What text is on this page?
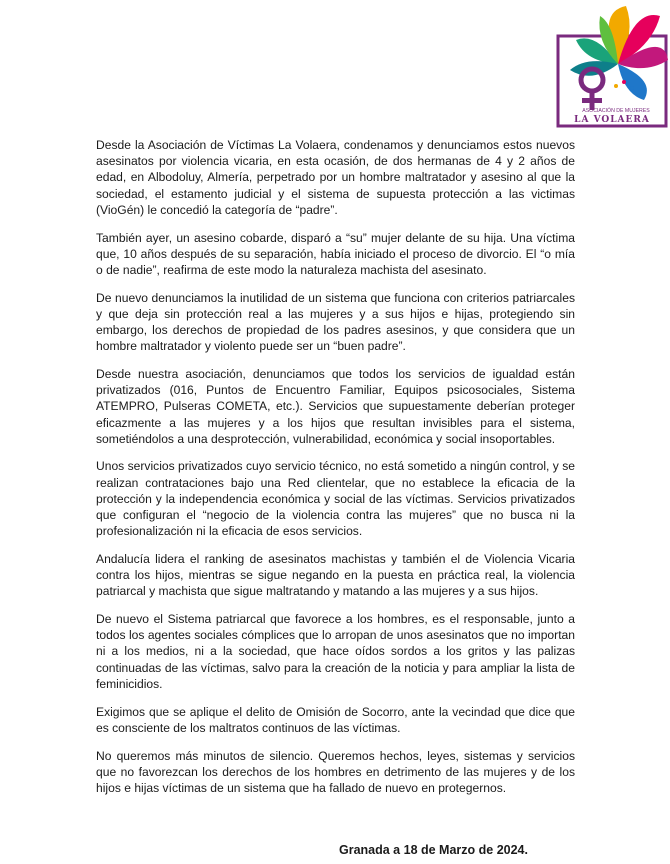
ASOCIACIÓN DE MUJERES
LA VOLAERA

Desde la Asociación de Víctimas La Volaera, condenamos y denunciamos estos nuevos asesinatos por violencia vicaria, en esta ocasión, de dos hermanas de 4 y 2 años de edad, en Albodoluy, Almería, perpetrado por un hombre maltratador y asesino al que la sociedad, el estamento judicial y el sistema de supuesta protección a las victimas (VioGén) le concedió la categoría de “padre”.

También ayer, un asesino cobarde, disparó a “su” mujer delante de su hija. Una víctima que, 10 años después de su separación, había iniciado el proceso de divorcio. El “o mía o de nadie”, reafirma de este modo la naturaleza machista del asesinato.

De nuevo denunciamos la inutilidad de un sistema que funciona con criterios patriarcales y que deja sin protección real a las mujeres y a sus hijos e hijas, protegiendo sin embargo, los derechos de propiedad de los padres asesinos, y que considera que un hombre maltratador y violento puede ser un “buen padre”.

Desde nuestra asociación, denunciamos que todos los servicios de igualdad están privatizados (016, Puntos de Encuentro Familiar, Equipos psicosociales, Sistema ATEMPRO, Pulseras COMETA, etc.). Servicios que supuestamente deberían proteger eficazmente a las mujeres y a los hijos que resultan invisibles para el sistema, sometiéndolos a una desprotección, vulnerabilidad, económica y social insoportables.

Unos servicios privatizados cuyo servicio técnico, no está sometido a ningún control, y se realizan contrataciones bajo una Red clientelar, que no establece la eficacia de la protección y la independencia económica y social de las víctimas. Servicios privatizados que configuran el “negocio de la violencia contra las mujeres” que no busca ni la profesionalización ni la eficacia de esos servicios.

Andalucía lidera el ranking de asesinatos machistas y también el de Violencia Vicaria contra los hijos, mientras se sigue negando en la puesta en práctica real, la violencia patriarcal y machista que sigue maltratando y matando a las mujeres y a sus hijos.

De nuevo el Sistema patriarcal que favorece a los hombres, es el responsable, junto a todos los agentes sociales cómplices que lo arropan de unos asesinatos que no importan ni a los medios, ni a la sociedad, que hace oídos sordos a los gritos y las palizas continuadas de las víctimas, salvo para la creación de la noticia y para ampliar la lista de feminicidios.

Exigimos que se aplique el delito de Omisión de Socorro, ante la vecindad que dice que es consciente de los maltratos continuos de las víctimas.

No queremos más minutos de silencio. Queremos hechos, leyes, sistemas y servicios que no favorezcan los derechos de los hombres en detrimento de las mujeres y de los hijos e hijas víctimas de un sistema que ha fallado de nuevo en protegernos.

Granada a 18 de Marzo de 2024.
